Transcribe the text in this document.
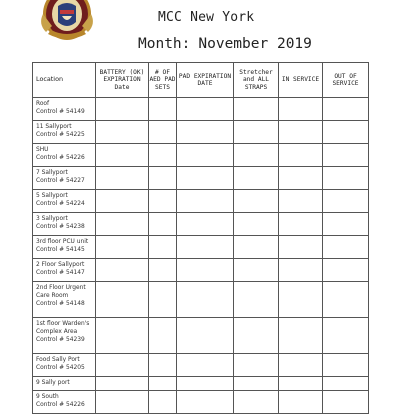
MCC New York
Month: November 2019
Location	BATTERY (OK) EXPIRATION Date	# OF AED PAD SETS	PAD EXPIRATION DATE	Stretcher and ALL STRAPS	IN SERVICE	OUT OF SERVICE

Roof
Control # 54149						

11 Sallyport
Control # 54225						

SHU
Control # 54226						

7 Sallyport
Control # 54227						

5 Sallyport
Control # 54224						

3 Sallyport
Control # 54238						

3rd floor PCU unit
Control # 54145						

2 Floor Sallyport
Control # 54147						

2nd Floor Urgent
Care Room
Control # 54148						

1st floor Warden's
Complex Area
Control # 54239						

Food Sally Port
Control # 54205						

9 Sally port						

9 South
Control # 54226						
